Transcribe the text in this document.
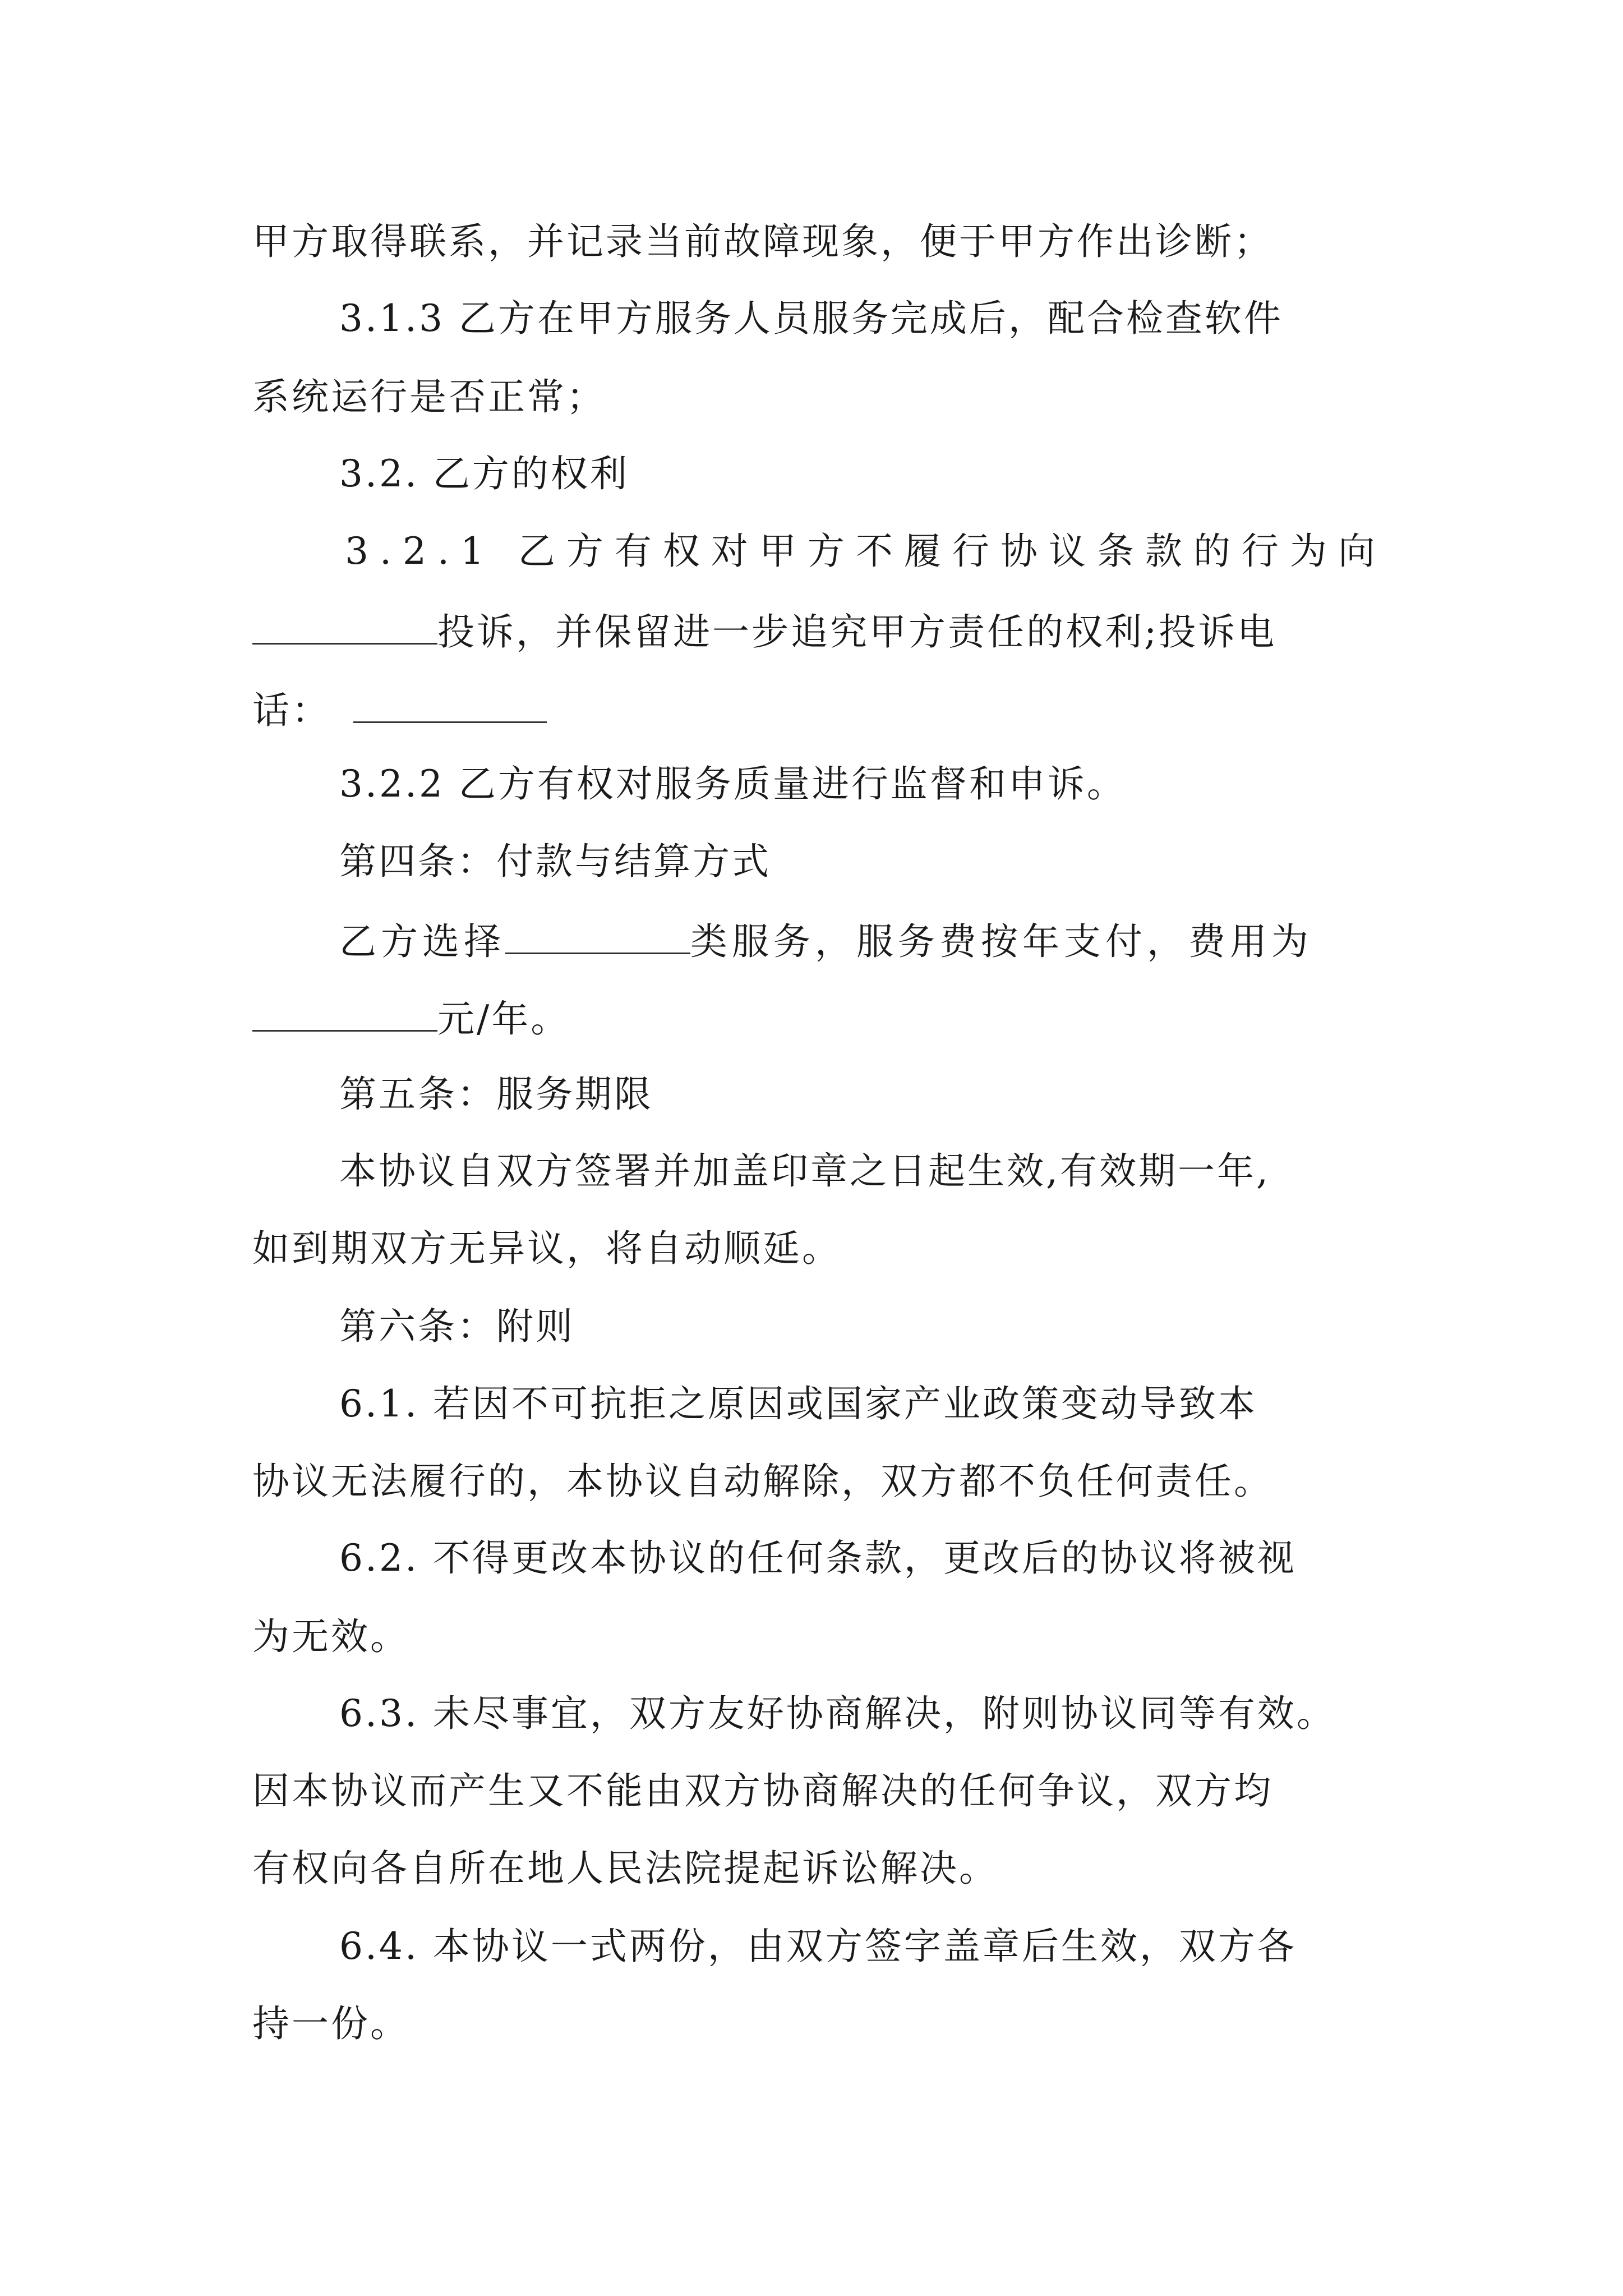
甲方取得联系，并记录当前故障现象，便于甲方作出诊断；
3.1.3 乙方在甲方服务人员服务完成后，配合检查软件
系统运行是否正常；
3.2. 乙方的权利
3.2.1 乙方有权对甲方不履行协议条款的行为向
投诉，并保留进一步追究甲方责任的权利;投诉电
话：
3.2.2 乙方有权对服务质量进行监督和申诉。
第四条：付款与结算方式
乙方选择	类服务，服务费按年支付，费用为
元/年。
第五条：服务期限
本协议自双方签署并加盖印章之日起生效,有效期一年,
如到期双方无异议，将自动顺延。
第六条：附则
6.1. 若因不可抗拒之原因或国家产业政策变动导致本
协议无法履行的，本协议自动解除，双方都不负任何责任。
6.2. 不得更改本协议的任何条款，更改后的协议将被视
为无效。
6.3. 未尽事宜，双方友好协商解决，附则协议同等有效。
因本协议而产生又不能由双方协商解决的任何争议，双方均
有权向各自所在地人民法院提起诉讼解决。
6.4. 本协议一式两份，由双方签字盖章后生效，双方各
持一份。
